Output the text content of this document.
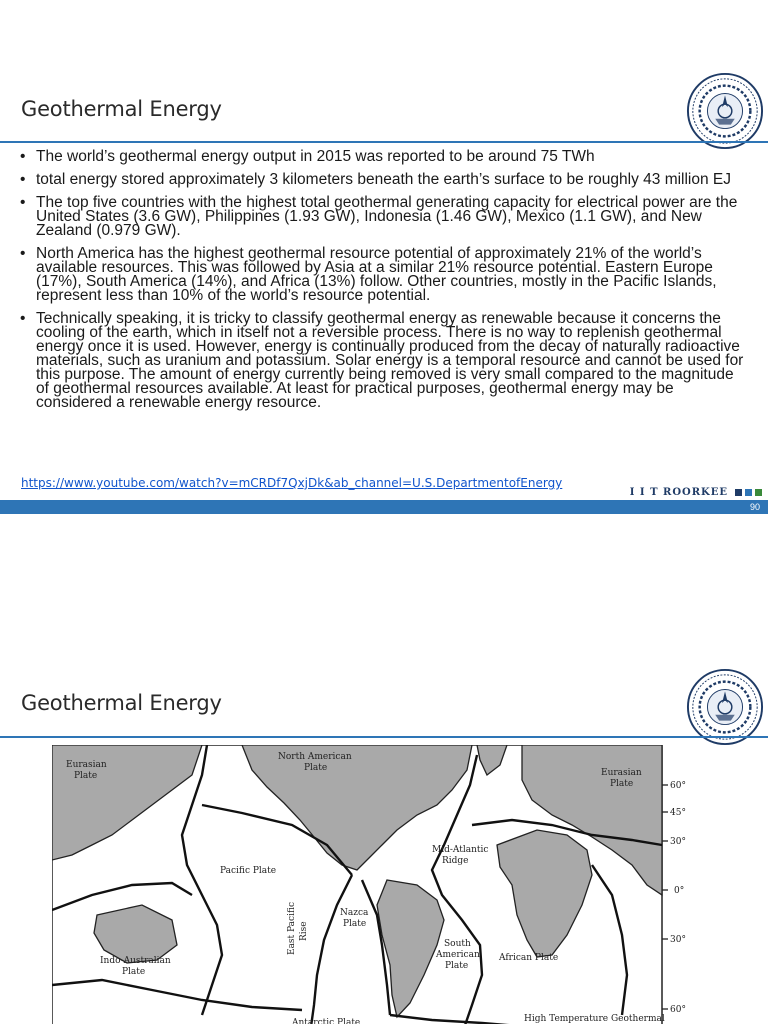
Geothermal Energy
• The world’s geothermal energy output in 2015 was reported to be around 75 TWh
• total energy stored approximately 3 kilometers beneath the earth’s surface to be roughly 43 million EJ
• The top five countries with the highest total geothermal generating capacity for electrical power are the United States (3.6 GW), Philippines (1.93 GW), Indonesia (1.46 GW), Mexico (1.1 GW), and New Zealand (0.979 GW).
• North America has the highest geothermal resource potential of approximately 21% of the world’s available resources. This was followed by Asia at a similar 21% resource potential. Eastern Europe (17%), South America (14%), and Africa (13%) follow. Other countries, mostly in the Pacific Islands, represent less than 10% of the world’s resource potential.
• Technically speaking, it is tricky to classify geothermal energy as renewable because it concerns the cooling of the earth, which in itself not a reversible process. There is no way to replenish geothermal energy once it is used. However, energy is continually produced from the decay of naturally radioactive materials, such as uranium and potassium. Solar energy is a temporal resource and cannot be used for this purpose. The amount of energy currently being removed is very small compared to the magnitude of geothermal resources available. At least for practical purposes, geothermal energy may be considered a renewable energy resource.
https://www.youtube.com/watch?v=mCRDf7QxjDk&ab_channel=U.S.DepartmentofEnergy
I I T ROORKEE
90
Geothermal Energy
Eurasian
Plate
North American
Plate	Eurasian
Plate
Pacific Plate
Mid-Atlantic
Ridge
Nazca
Plate
East Pacific Rise
South
American
Plate
African Plate
Indo-Australian
Plate
Antarctic Plate	High Temperature Geothermal
60°
45°
30°
0°
30°
60°
